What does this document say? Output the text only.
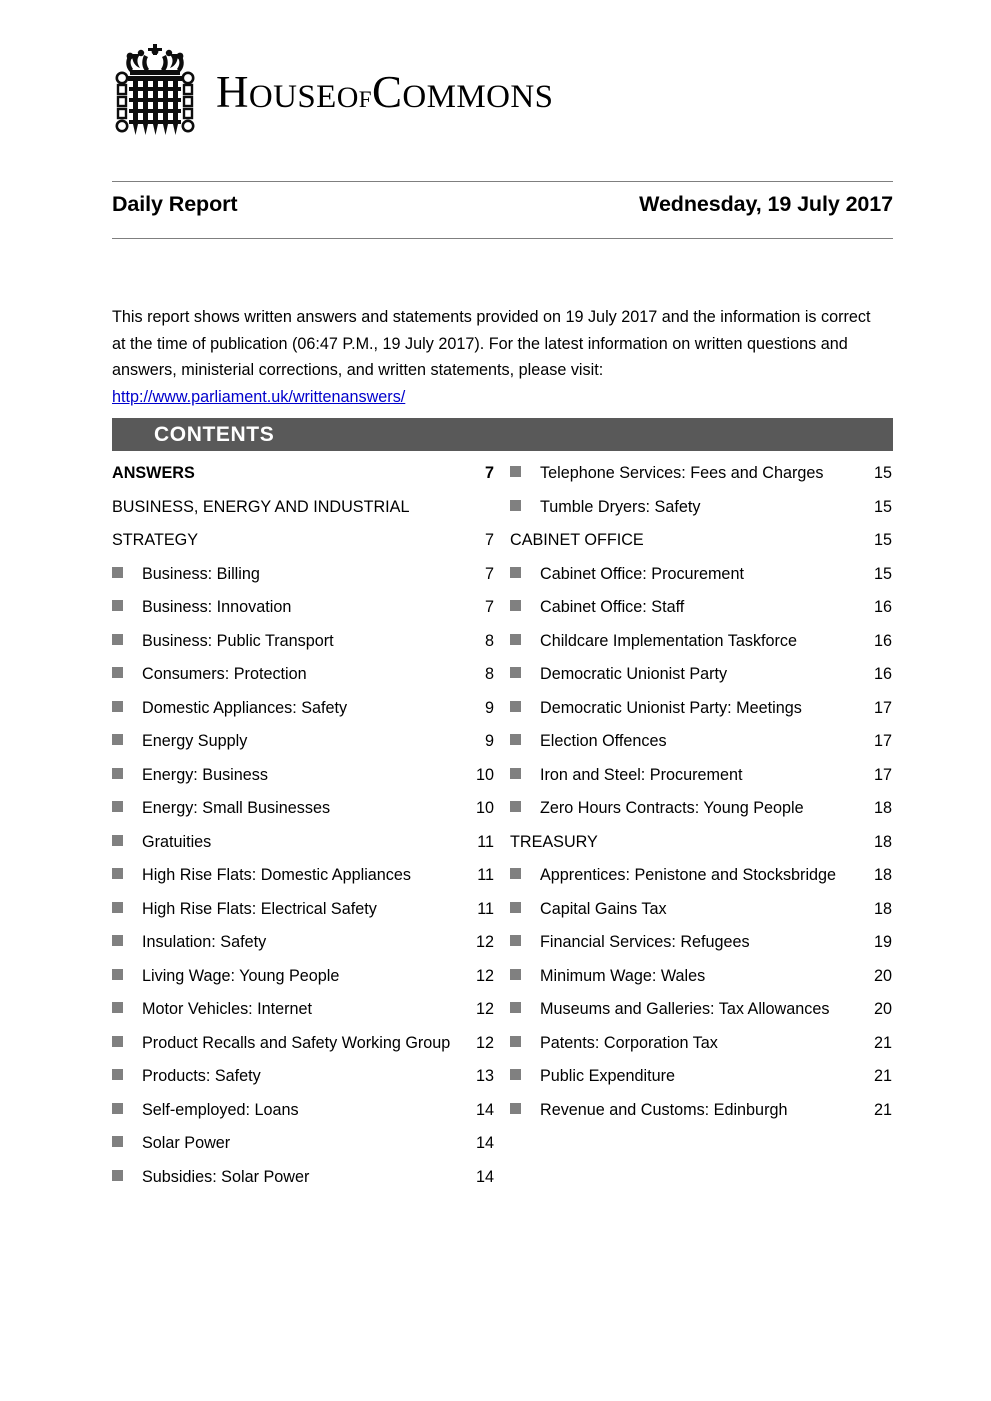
HOUSEOFCOMMONS
Daily Report	Wednesday, 19 July 2017

This report shows written answers and statements provided on 19 July 2017 and the information is correct at the time of publication (06:47 P.M., 19 July 2017). For the latest information on written questions and answers, ministerial corrections, and written statements, please visit: http://www.parliament.uk/writtenanswers/

CONTENTS
ANSWERS	7
BUSINESS, ENERGY AND INDUSTRIAL STRATEGY	7
Business: Billing	7
Business: Innovation	7
Business: Public Transport	8
Consumers: Protection	8
Domestic Appliances: Safety	9
Energy Supply	9
Energy: Business	10
Energy: Small Businesses	10
Gratuities	11
High Rise Flats: Domestic Appliances	11
High Rise Flats: Electrical Safety	11
Insulation: Safety	12
Living Wage: Young People	12
Motor Vehicles: Internet	12
Product Recalls and Safety Working Group	12
Products: Safety	13
Self-employed: Loans	14
Solar Power	14
Subsidies: Solar Power	14
Telephone Services: Fees and Charges	15
Tumble Dryers: Safety	15
CABINET OFFICE	15
Cabinet Office: Procurement	15
Cabinet Office: Staff	16
Childcare Implementation Taskforce	16
Democratic Unionist Party	16
Democratic Unionist Party: Meetings	17
Election Offences	17
Iron and Steel: Procurement	17
Zero Hours Contracts: Young People	18
TREASURY	18
Apprentices: Penistone and Stocksbridge	18
Capital Gains Tax	18
Financial Services: Refugees	19
Minimum Wage: Wales	20
Museums and Galleries: Tax Allowances	20
Patents: Corporation Tax	21
Public Expenditure	21
Revenue and Customs: Edinburgh	21
